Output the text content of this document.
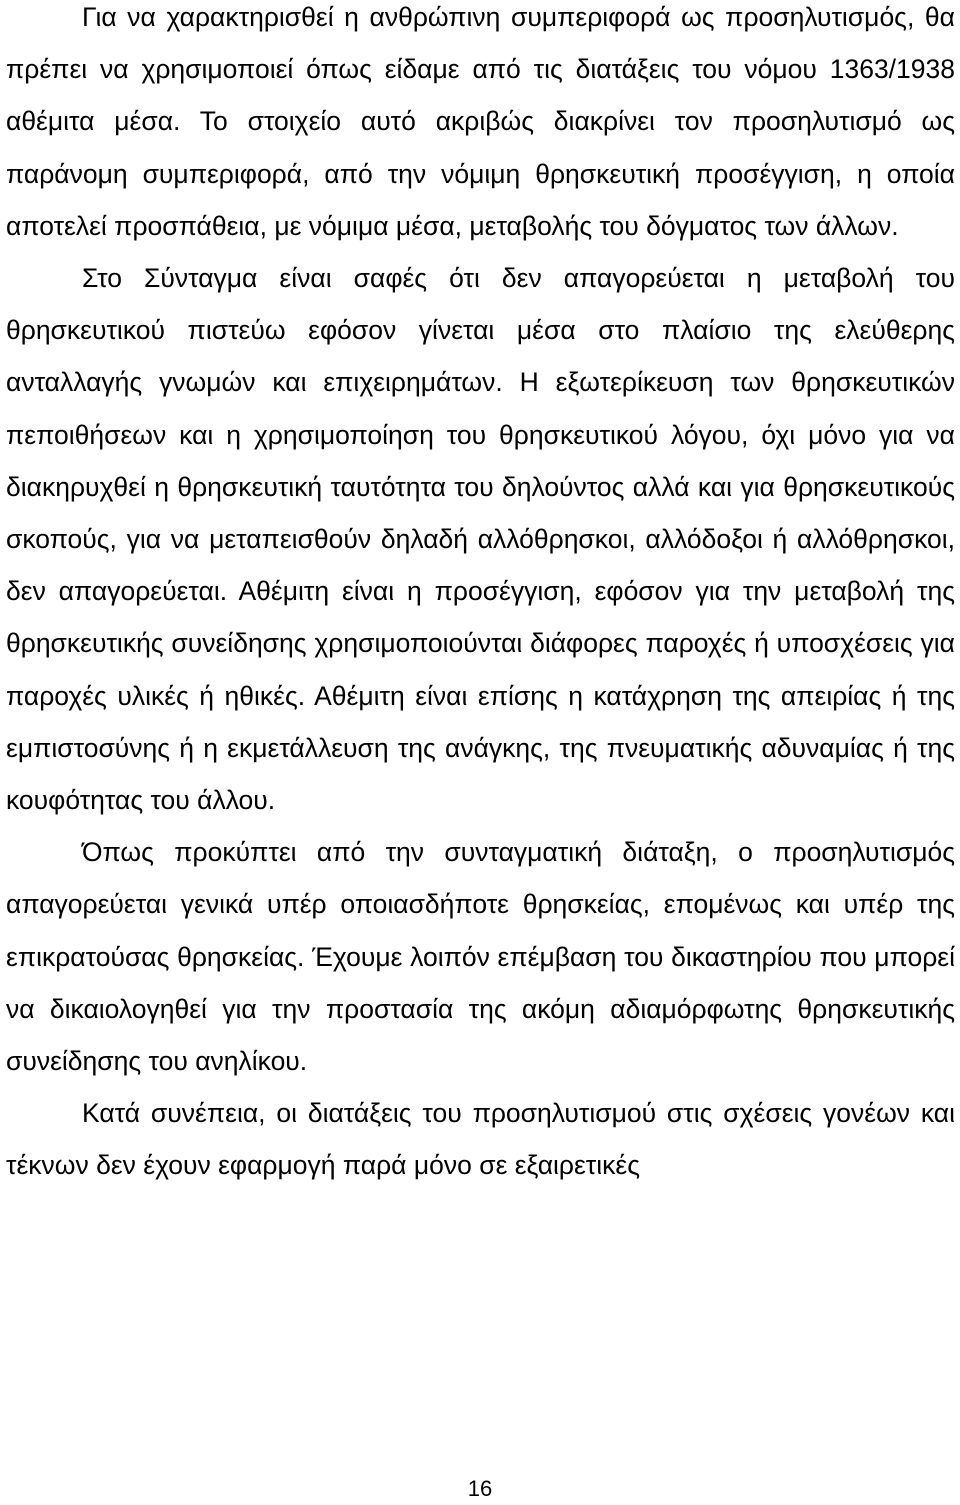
Για να χαρακτηρισθεί η ανθρώπινη συμπεριφορά ως προσηλυτισμός, θα πρέπει να χρησιμοποιεί όπως είδαμε από τις διατάξεις του νόμου 1363/1938 αθέμιτα μέσα. Το στοιχείο αυτό ακριβώς διακρίνει τον προσηλυτισμό ως παράνομη συμπεριφορά, από την νόμιμη θρησκευτική προσέγγιση, η οποία αποτελεί προσπάθεια, με νόμιμα μέσα, μεταβολής του δόγματος των άλλων.

Στο Σύνταγμα είναι σαφές ότι δεν απαγορεύεται η μεταβολή του θρησκευτικού πιστεύω εφόσον γίνεται μέσα στο πλαίσιο της ελεύθερης ανταλλαγής γνωμών και επιχειρημάτων. Η εξωτερίκευση των θρησκευτικών πεποιθήσεων και η χρησιμοποίηση του θρησκευτικού λόγου, όχι μόνο για να διακηρυχθεί η θρησκευτική ταυτότητα του δηλούντος αλλά και για θρησκευτικούς σκοπούς, για να μεταπεισθούν δηλαδή αλλόθρησκοι, αλλόδοξοι ή αλλόθρησκοι, δεν απαγορεύεται. Αθέμιτη είναι η προσέγγιση, εφόσον για την μεταβολή της θρησκευτικής συνείδησης χρησιμοποιούνται διάφορες παροχές ή υποσχέσεις για παροχές υλικές ή ηθικές. Αθέμιτη είναι επίσης η κατάχρηση της απειρίας ή της εμπιστοσύνης ή η εκμετάλλευση της ανάγκης, της πνευματικής αδυναμίας ή της κουφότητας του άλλου.

Όπως προκύπτει από την συνταγματική διάταξη, ο προσηλυτισμός απαγορεύεται γενικά υπέρ οποιασδήποτε θρησκείας, επομένως και υπέρ της επικρατούσας θρησκείας. Έχουμε λοιπόν επέμβαση του δικαστηρίου που μπορεί να δικαιολογηθεί για την προστασία της ακόμη αδιαμόρφωτης θρησκευτικής συνείδησης του ανηλίκου.

Κατά συνέπεια, οι διατάξεις του προσηλυτισμού στις σχέσεις γονέων και τέκνων δεν έχουν εφαρμογή παρά μόνο σε εξαιρετικές

16
